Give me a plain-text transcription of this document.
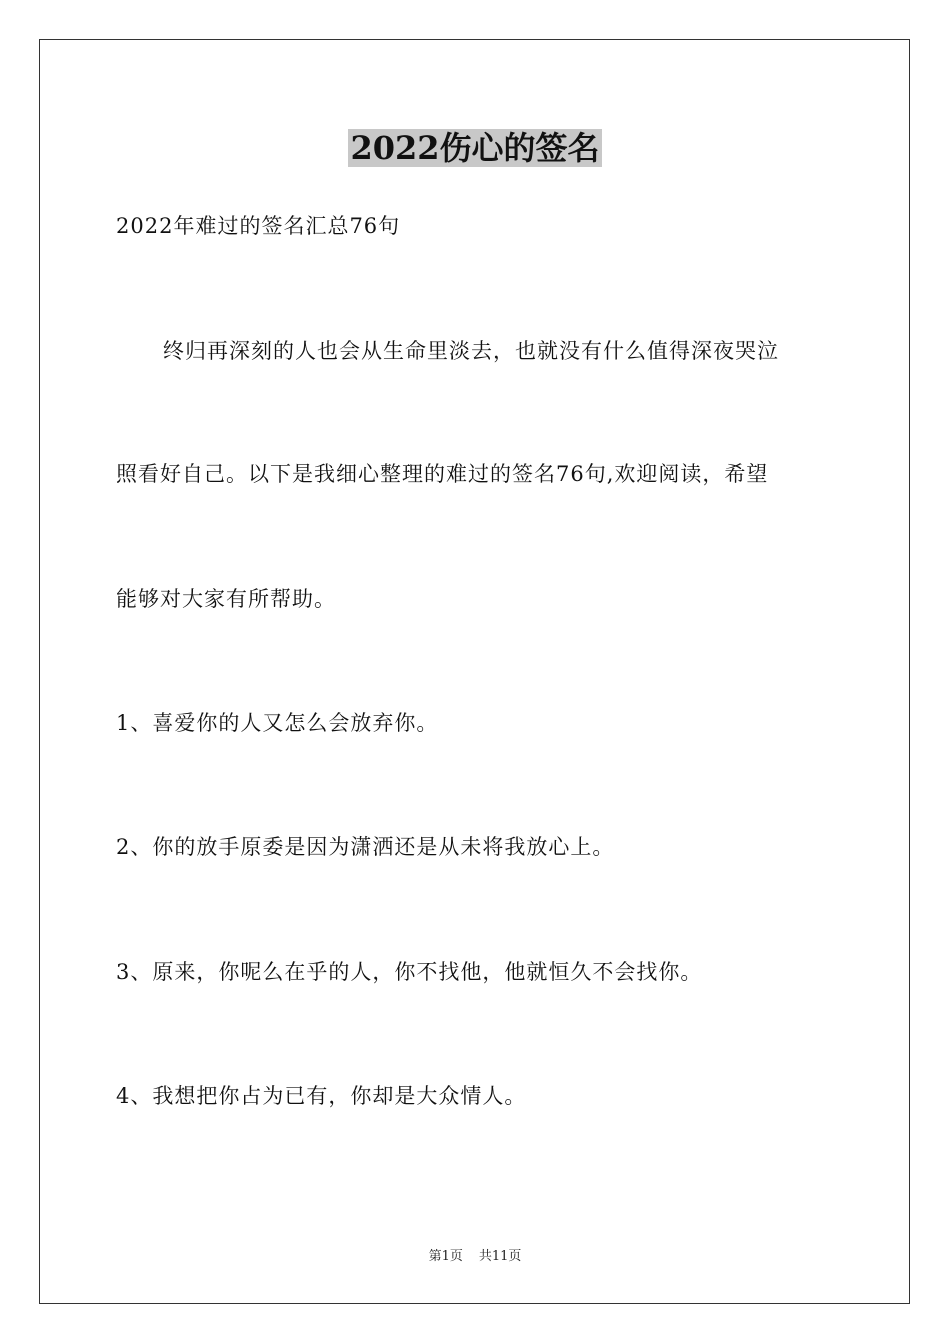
2022伤心的签名
2022年难过的签名汇总76句
终归再深刻的人也会从生命里淡去，也就没有什么值得深夜哭泣
照看好自己。以下是我细心整理的难过的签名76句,欢迎阅读，希望
能够对大家有所帮助。
1、喜爱你的人又怎么会放弃你。
2、你的放手原委是因为潇洒还是从未将我放心上。
3、原来，你呢么在乎的人，你不找他，他就恒久不会找你。
4、我想把你占为已有，你却是大众情人。
第1页 共11页
